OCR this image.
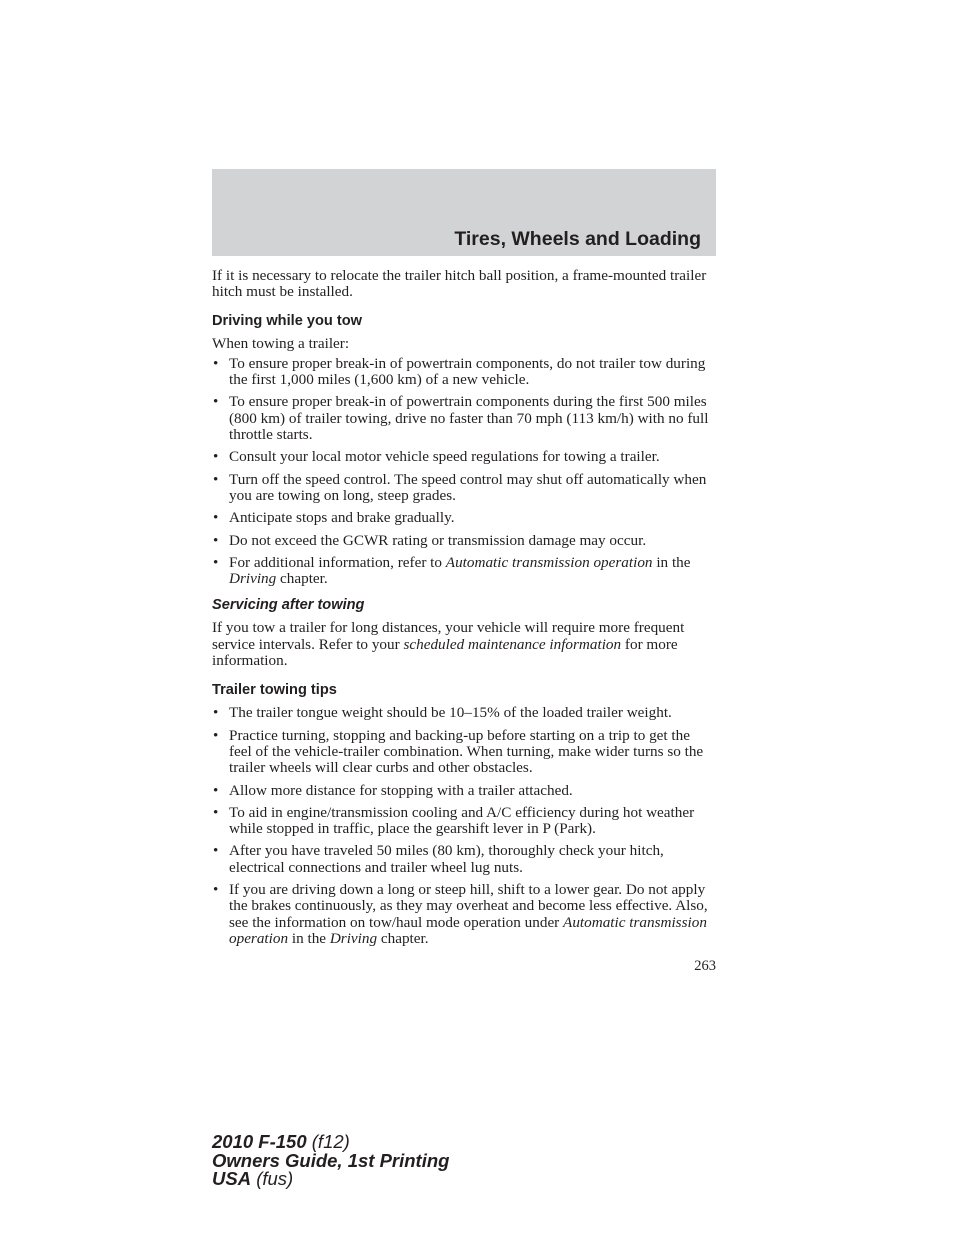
Tires, Wheels and Loading

If it is necessary to relocate the trailer hitch ball position, a frame-mounted trailer hitch must be installed.

Driving while you tow

When towing a trailer:

• To ensure proper break-in of powertrain components, do not trailer tow during the first 1,000 miles (1,600 km) of a new vehicle.
• To ensure proper break-in of powertrain components during the first 500 miles (800 km) of trailer towing, drive no faster than 70 mph (113 km/h) with no full throttle starts.
• Consult your local motor vehicle speed regulations for towing a trailer.
• Turn off the speed control. The speed control may shut off automatically when you are towing on long, steep grades.
• Anticipate stops and brake gradually.
• Do not exceed the GCWR rating or transmission damage may occur.
• For additional information, refer to Automatic transmission operation in the Driving chapter.
Servicing after towing

If you tow a trailer for long distances, your vehicle will require more frequent service intervals. Refer to your scheduled maintenance information for more information.

Trailer towing tips
• The trailer tongue weight should be 10–15% of the loaded trailer weight.
• Practice turning, stopping and backing-up before starting on a trip to get the feel of the vehicle-trailer combination. When turning, make wider turns so the trailer wheels will clear curbs and other obstacles.
• Allow more distance for stopping with a trailer attached.
• To aid in engine/transmission cooling and A/C efficiency during hot weather while stopped in traffic, place the gearshift lever in P (Park).
• After you have traveled 50 miles (80 km), thoroughly check your hitch, electrical connections and trailer wheel lug nuts.
• If you are driving down a long or steep hill, shift to a lower gear. Do not apply the brakes continuously, as they may overheat and become less effective. Also, see the information on tow/haul mode operation under Automatic transmission operation in the Driving chapter.
263
2010 F-150 (f12)
Owners Guide, 1st Printing
USA (fus)
